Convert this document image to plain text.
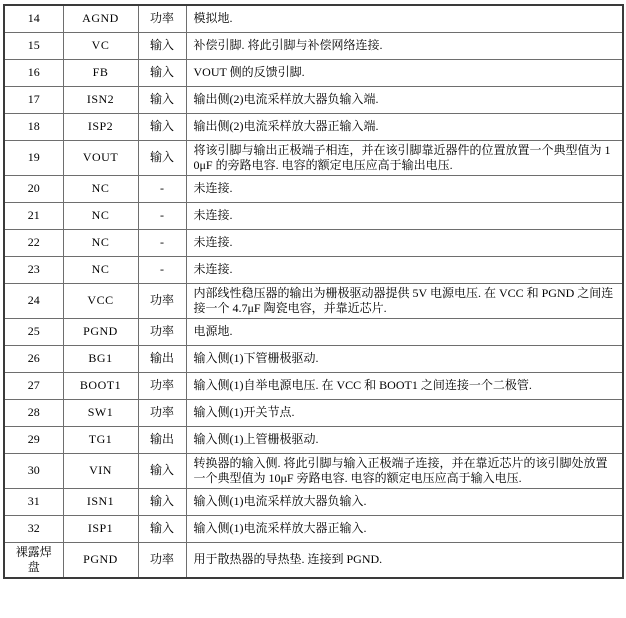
14	AGND	功率	模拟地.
15	VC	输入	补偿引脚. 将此引脚与补偿网络连接.
16	FB	输入	VOUT 侧的反馈引脚.
17	ISN2	输入	输出侧(2)电流采样放大器负输入端.
18	ISP2	输入	输出侧(2)电流采样放大器正输入端.
19	VOUT	输入	将该引脚与输出正极端子相连，并在该引脚靠近器件的位置放置一个典型值为 10μF 的旁路电容. 电容的额定电压应高于输出电压.
20	NC	-	未连接.
21	NC	-	未连接.
22	NC	-	未连接.
23	NC	-	未连接.
24	VCC	功率	内部线性稳压器的输出为栅极驱动器提供 5V 电源电压. 在 VCC 和 PGND 之间连接一个 4.7μF 陶瓷电容，并靠近芯片.
25	PGND	功率	电源地.
26	BG1	输出	输入侧(1)下管栅极驱动.
27	BOOT1	功率	输入侧(1)自举电源电压. 在 VCC 和 BOOT1 之间连接一个二极管.
28	SW1	功率	输入侧(1)开关节点.
29	TG1	输出	输入侧(1)上管栅极驱动.
30	VIN	输入	转换器的输入侧. 将此引脚与输入正极端子连接，并在靠近芯片的该引脚处放置一个典型值为 10μF 旁路电容. 电容的额定电压应高于输入电压.
31	ISN1	输入	输入侧(1)电流采样放大器负输入.
32	ISP1	输入	输入侧(1)电流采样放大器正输入.
裸露焊盘	PGND	功率	用于散热器的导热垫. 连接到 PGND.
